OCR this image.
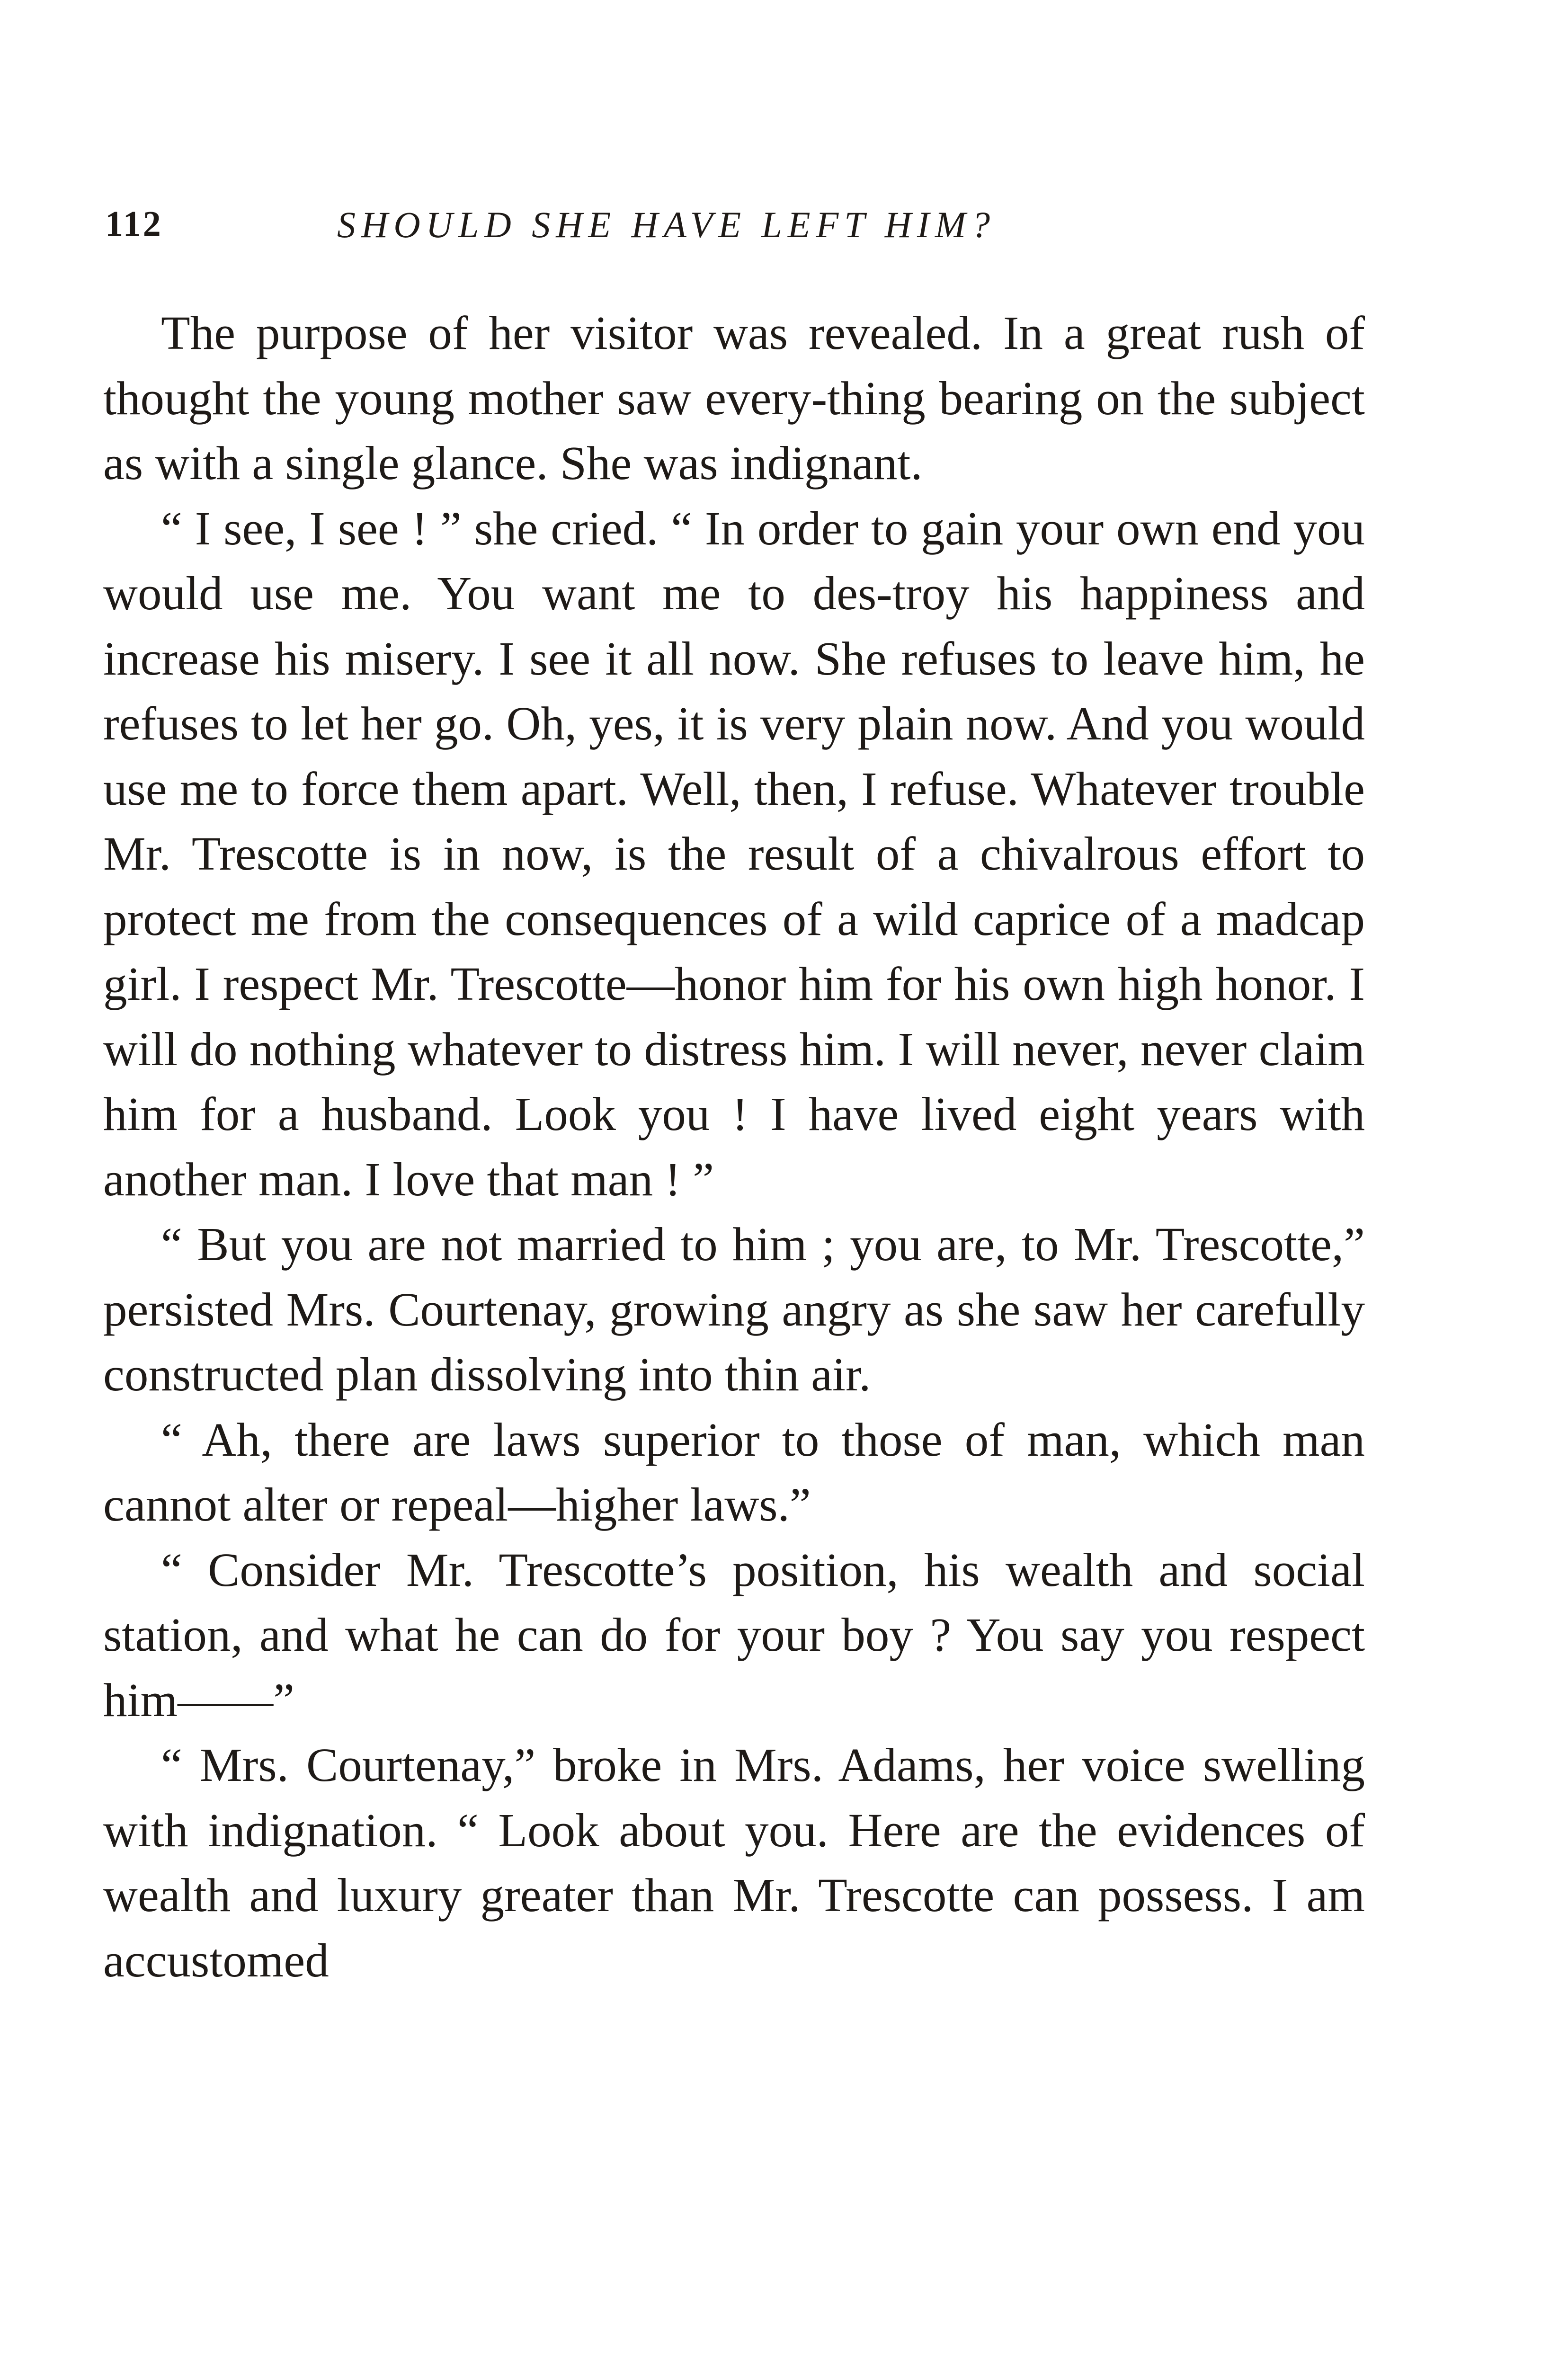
112	SHOULD SHE HAVE LEFT HIM?

The purpose of her visitor was revealed. In a great rush of thought the young mother saw every-thing bearing on the subject as with a single glance. She was indignant.

“ I see, I see ! ” she cried. “ In order to gain your own end you would use me. You want me to des-troy his happiness and increase his misery. I see it all now. She refuses to leave him, he refuses to let her go. Oh, yes, it is very plain now. And you would use me to force them apart. Well, then, I refuse. Whatever trouble Mr. Trescotte is in now, is the result of a chivalrous effort to protect me from the consequences of a wild caprice of a madcap girl. I respect Mr. Trescotte—honor him for his own high honor. I will do nothing whatever to distress him. I will never, never claim him for a husband. Look you ! I have lived eight years with another man. I love that man ! ”

“ But you are not married to him ; you are, to Mr. Trescotte,” persisted Mrs. Courtenay, growing angry as she saw her carefully constructed plan dissolving into thin air.

“ Ah, there are laws superior to those of man, which man cannot alter or repeal—higher laws.”

“ Consider Mr. Trescotte’s position, his wealth and social station, and what he can do for your boy ? You say you respect him——”

“ Mrs. Courtenay,” broke in Mrs. Adams, her voice swelling with indignation. “ Look about you. Here are the evidences of wealth and luxury greater than Mr. Trescotte can possess. I am accustomed
